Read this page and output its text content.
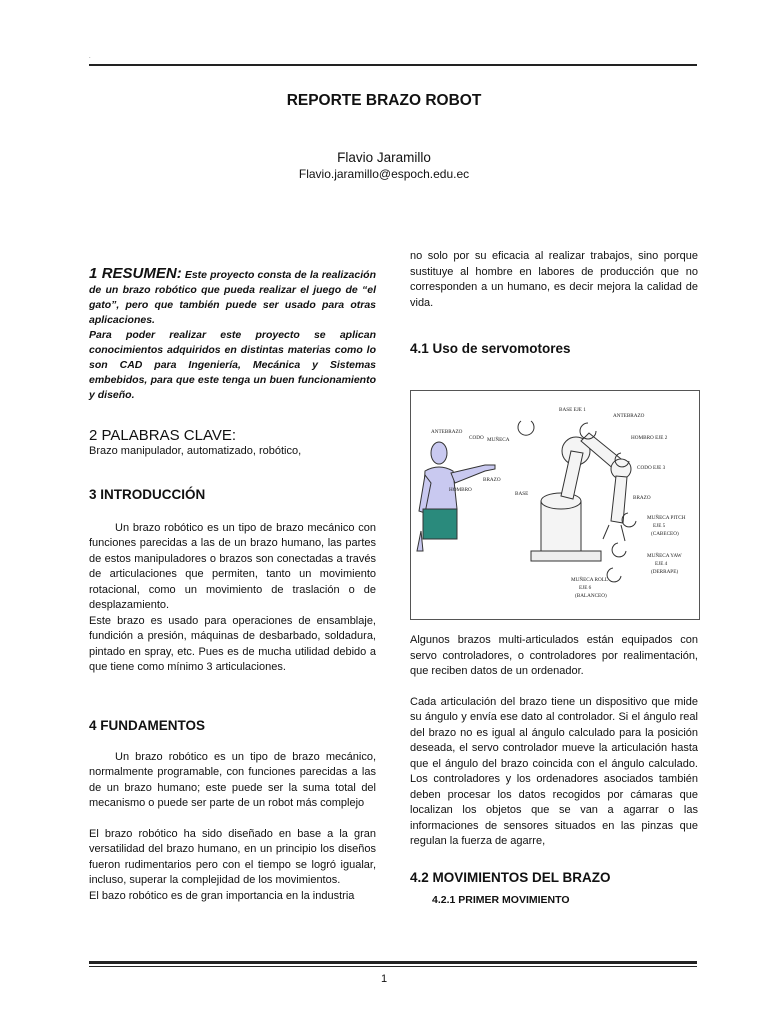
.
REPORTE BRAZO ROBOT
Flavio Jaramillo
Flavio.jaramillo@espoch.edu.ec

1 RESUMEN: Este proyecto consta de la realización de un brazo robótico que pueda realizar el juego de “el gato”, pero que también puede ser usado para otras aplicaciones.

Para poder realizar este proyecto se aplican conocimientos adquiridos en distintas materias como lo son CAD para Ingeniería, Mecánica y Sistemas embebidos, para que este tenga un buen funcionamiento y diseño.

2 PALABRAS CLAVE:

Brazo manipulador, automatizado, robótico,

3 INTRODUCCIÓN

Un brazo robótico es un tipo de brazo mecánico con funciones parecidas a las de un brazo humano, las partes de estos manipuladores o brazos son conectadas a través de articulaciones que permiten, tanto un movimiento rotacional, como un movimiento de traslación o de desplazamiento.

Este brazo es usado para operaciones de ensamblaje, fundición a presión, máquinas de desbarbado, soldadura, pintado en spray, etc. Pues es de mucha utilidad debido a que tiene como mínimo 3 articulaciones.

4 FUNDAMENTOS

Un brazo robótico es un tipo de brazo mecánico, normalmente programable, con funciones parecidas a las de un brazo humano; este puede ser la suma total del mecanismo o puede ser parte de un robot más complejo

El brazo robótico ha sido diseñado en base a la gran versatilidad del brazo humano, en un principio los diseños fueron rudimentarios pero con el tiempo se logró igualar, incluso, superar la complejidad de los movimientos.

El bazo robótico es de gran importancia en la industria

no solo por su eficacia al realizar trabajos, sino porque sustituye al hombre en labores de producción que no corresponden a un humano, es decir mejora la calidad de vida.

4.1 Uso de servomotores

ANTEBRAZO
CODO MUÑECA
BRAZO
HOMBRO
BASE EJE 1
ANTEBRAZO
HOMBRO EJE 2
CODO EJE 3
BASE
BRAZO
MUÑECA PITCH
EJE 5
(CABECEO)
MUÑECA YAW
EJE 4
(DERRAPE)
MUÑECA ROLL
EJE 6
(BALANCEO)

Algunos brazos multi-articulados están equipados con servo controladores, o controladores por realimentación, que reciben datos de un ordenador.

Cada articulación del brazo tiene un dispositivo que mide su ángulo y envía ese dato al controlador. Si el ángulo real del brazo no es igual al ángulo calculado para la posición deseada, el servo controlador mueve la articulación hasta que el ángulo del brazo coincida con el ángulo calculado. Los controladores y los ordenadores asociados también deben procesar los datos recogidos por cámaras que localizan los objetos que se van a agarrar o las informaciones de sensores situados en las pinzas que regulan la fuerza de agarre,

4.2 MOVIMIENTOS DEL BRAZO

4.2.1 PRIMER MOVIMIENTO

1
